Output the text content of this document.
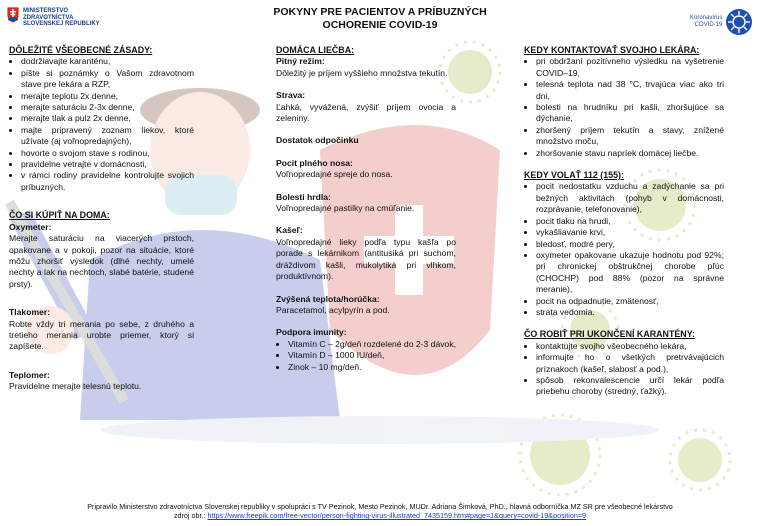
MINISTERSTVO
ZDRAVOTNÍCTVA
SLOVENSKEJ REPUBLIKY
Koronavírus
COVID-19
POKYNY PRE PACIENTOV A PRÍBUZNÝCH
OCHORENIE COVID-19
DÔLEŽITÉ VŠEOBECNÉ ZÁSADY:
• dodržiavajte karanténu,
• píšte si poznámky o Vašom zdravotnom stave pre lekára a RZP,
• merajte teplotu 2x denne,
• merajte saturáciu 2-3x denne,
• merajte tlak a pulz 2x denne,
• majte pripravený zoznam liekov, ktoré užívate (aj voľnopredajných),
• hovorte o svojom stave s rodinou,
• pravidelne vetrajte v domácnosti,
• v rámci rodiny pravidelne kontrolujte svojich príbuzných.
ČO SI KÚPIŤ NA DOMA:
Oxymeter:

Merajte saturáciu na viacerých prstoch, opakovane a v pokoji, pozor na situácie, ktoré môžu zhoršiť výsledok (dlhé nechty, umelé nechty a lak na nechtoch, slabé batérie, studené prsty).

Tlakomer:

Robte vždy tri merania po sebe, z druhého a tretieho merania urobte priemer, ktorý si zapíšete.

Teplomer:

Pravidelne merajte telesnú teplotu.

DOMÁCA LIEČBA:
Pitný režim:

Dôležitý je príjem vyššieho množstva tekutín.

Strava:

Ľahká, vyvážená, zvýšiť príjem ovocia a zeleniny.

Dostatok odpočinku
Pocit plného nosa:

Voľnopredajné spreje do nosa.

Bolesti hrdla:

Voľnopredajné pastilky na cmúľanie.

Kašeľ:

Voľnopredajné lieky podľa typu kašľa po porade s lekárnikom (antitusiká pri suchom, dráždivom kašli, mukolytiká pri vlhkom, produktívnom).

Zvýšená teplota/horúčka:

Paracetamol, acylpyrín a pod.

Podpora imunity:
• Vitamín C – 2g/deň rozdelené do 2-3 dávok,
• Vitamín D – 1000 IU/deň,
• Zinok – 10 mg/deň.
KEDY KONTAKTOVAŤ SVOJHO LEKÁRA:
• pri obdržaní pozitívneho výsledku na vyšetrenie COVID–19,
• telesná teplota nad 38 °C, trvajúca viac ako tri dni,
• bolesti na hrudníku pri kašli, zhoršujúce sa dýchanie,
• zhoršený príjem tekutín a stavy, znížené množstvo moču,
• zhoršovanie stavu napríek domácej liečbe.
KEDY VOLAŤ 112 (155):
• pocit nedostatku vzduchu a zadýchanie sa pri bežných aktivitách (pohyb v domácnosti, rozprávanie, telefonovanie),
• pocit tlaku na hrudi,
• vykašliavanie krvi,
• bledosť, modré pery,
• oxymeter opakovane ukazuje hodnotu pod 92%; pri chronickej obštrukčnej chorobe pľúc (CHOCHP) pod 88% (pozor na správne meranie),
• pocit na odpadnutie, zmätenosť,
• strata vedomia.
ČO ROBIŤ PRI UKONČENÍ KARANTÉNY:
• kontaktujte svojho všeobecného lekára,
• informujte ho o všetkých pretrvávajúcich príznakoch (kašeľ, slabosť a pod.),
• spôsob rekonvalescencie určí lekár podľa priebehu choroby (stredný, ťažký).
Pripravilo Ministerstvo zdravotníctva Slovenskej republiky v spolupráci s TV Pezinok, Mesto Pezinok, MUDr. Adriana Šimková, PhD., hlavná odborníčka MZ SR pre všeobecné lekárstvo
zdroj obr.: https://www.freepik.com/free-vector/person-fighting-virus-illustrated_7435159.htm#page=1&query=covid-19&position=9
